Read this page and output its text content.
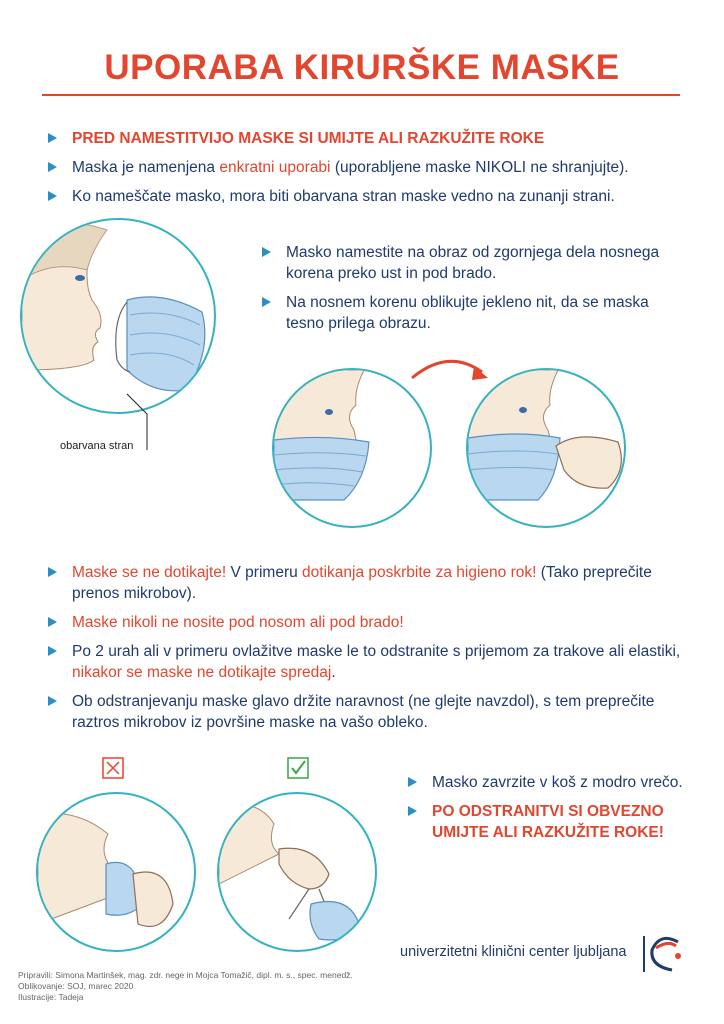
UPORABA KIRURŠKE MASKE
PRED NAMESTITVIJO MASKE SI UMIJTE ALI RAZKUŽITE ROKE
Maska je namenjena enkratni uporabi (uporabljene maske NIKOLI ne shranjujte).
Ko nameščate masko, mora biti obarvana stran maske vedno na zunanji strani.
obarvana stran
Masko namestite na obraz od zgornjega dela nosnega korena preko ust in pod brado.
Na nosnem korenu oblikujte jekleno nit, da se maska tesno prilega obrazu.
Maske se ne dotikajte! V primeru dotikanja poskrbite za higieno rok! (Tako preprečite prenos mikrobov).
Maske nikoli ne nosite pod nosom ali pod brado!
Po 2 urah ali v primeru ovlažitve maske le to odstranite s prijemom za trakove ali elastiki, nikakor se maske ne dotikajte spredaj.
Ob odstranjevanju maske glavo držite naravnost (ne glejte navzdol), s tem preprečite raztros mikrobov iz površine maske na vašo obleko.
Masko zavrzite v koš z modro vrečo.
PO ODSTRANITVI SI OBVEZNO UMIJTE ALI RAZKUŽITE ROKE!
Pripravili: Simona Martinšek, mag. zdr. nege in Mojca Tomažič, dipl. m. s., spec. menedž.
Oblikovanje: SOJ, marec 2020
Ilustracije: Tadeja
univerzitetni klinični center ljubljana
